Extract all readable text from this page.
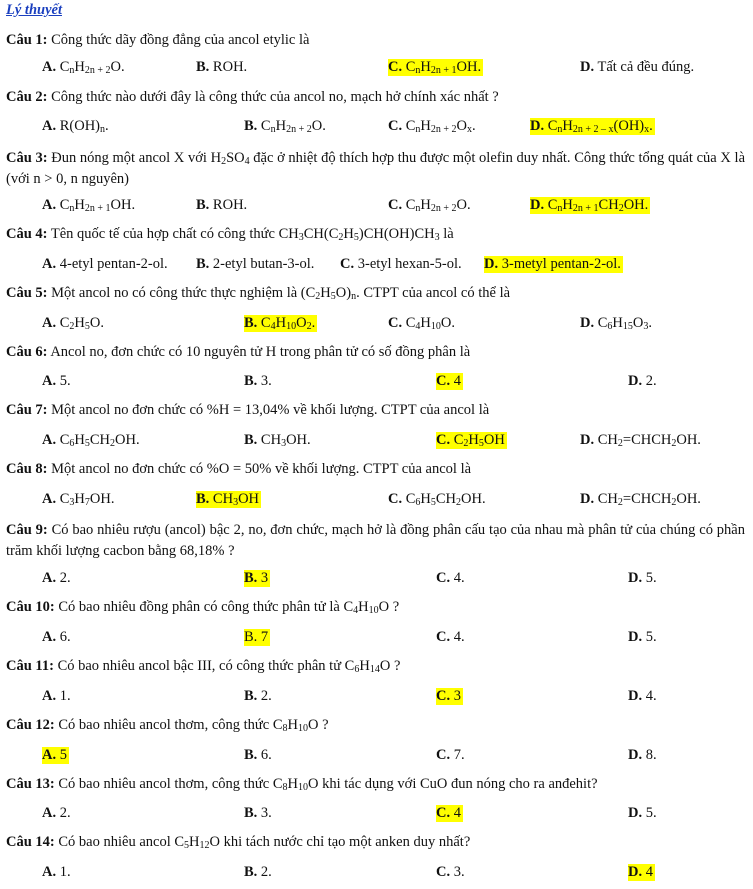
Lý thuyết
Câu 1: Công thức dãy đồng đẳng của ancol etylic là
A. $C_nH_{2n + 2}O$.	B. ROH.	C. $C_nH_{2n + 1}OH$.	D. Tất cả đều đúng.
Câu 2: Công thức nào dưới đây là công thức của ancol no, mạch hở chính xác nhất ?
A. $R(OH)_n$.	B. $C_nH_{2n + 2}O$.	C. $C_nH_{2n + 2}O_x$.	D. $C_nH_{2n + 2 - x}(OH)_x$.
Câu 3: Đun nóng một ancol X với $H_2SO_4$ đặc ở nhiệt độ thích hợp thu được một olefin duy nhất. Công thức tổng quát của X là (với n > 0, n nguyên)
A. $C_nH_{2n + 1}OH$.	B. ROH.	C. $C_nH_{2n + 2}O$.	D. $C_nH_{2n + 1}CH_2OH$.
Câu 4: Tên quốc tế của hợp chất có công thức $CH_3CH(C_2H_5)CH(OH)CH_3$ là
A. 4-etyl pentan-2-ol. B. 2-etyl butan-3-ol. C. 3-etyl hexan-5-ol. D. 3-metyl pentan-2-ol.
Câu 5: Một ancol no có công thức thực nghiệm là $(C_2H_5O)_n$. CTPT của ancol có thể là
A. $C_2H_5O$.	B. $C_4H_{10}O_2$.	C. $C_4H_{10}O$.	D. $C_6H_{15}O_3$.
Câu 6: Ancol no, đơn chức có 10 nguyên tử H trong phân tử có số đồng phân là
A. 5.	B. 3.	C. 4	D. 2.
Câu 7: Một ancol no đơn chức có %H = 13,04% về khối lượng. CTPT của ancol là
A. $C_6H_5CH_2OH$.	B. $CH_3OH$.	C. $C_2H_5OH$	D. $CH_2=CHCH_2OH$.
Câu 8: Một ancol no đơn chức có %O = 50% về khối lượng. CTPT của ancol là
A. $C_3H_7OH$.	B. $CH_3OH$	C. $C_6H_5CH_2OH$.	D. $CH_2=CHCH_2OH$.
Câu 9: Có bao nhiêu rượu (ancol) bậc 2, no, đơn chức, mạch hở là đồng phân cấu tạo của nhau mà phân tử của chúng có phần trăm khối lượng cacbon bằng 68,18% ?
A. 2.	B. 3	C. 4.	D. 5.
Câu 10: Có bao nhiêu đồng phân có công thức phân tử là $C_4H_{10}O$ ?
A. 6.	B. 7	C. 4.	D. 5.
Câu 11: Có bao nhiêu ancol bậc III, có công thức phân tử $C_6H_{14}O$ ?
A. 1.	B. 2.	C. 3	D. 4.
Câu 12: Có bao nhiêu ancol thơm, công thức $C_8H_{10}O$ ?
A. 5	B. 6.	C. 7.	D. 8.
Câu 13: Có bao nhiêu ancol thơm, công thức $C_8H_{10}O$ khi tác dụng với CuO đun nóng cho ra anđehit?
A. 2.	B. 3.	C. 4	D. 5.
Câu 14: Có bao nhiêu ancol $C_5H_{12}O$ khi tách nước chỉ tạo một anken duy nhất?
A. 1.	B. 2.	C. 3.	D. 4
